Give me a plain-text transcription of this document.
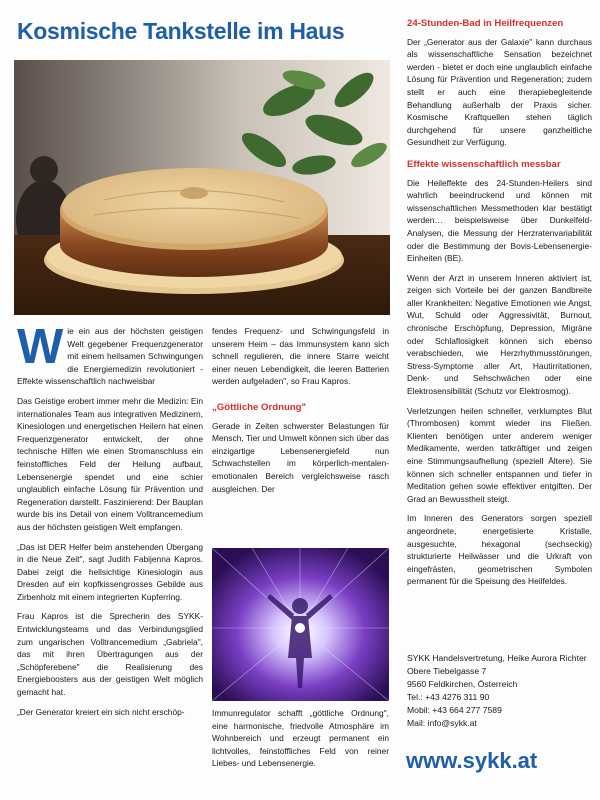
Kosmische Tankstelle im Haus

W ie ein aus der höchsten geistigen Welt gegebener Frequenzgenerator mit einem heilsamen Schwingungen die Energiemedizin revolutioniert - Effekte wissenschaftlich nachweisbar

Das Geistige erobert immer mehr die Medizin: Ein internationales Team aus integrativen Medizinern, Kinesiologen und energetischen Heilern hat einen Frequenzgenerator entwickelt, der ohne technische Hilfen wie einen Stromanschluss ein feinstoffliches Feld der Heilung aufbaut, Lebensenergie spendet und eine schier unglaublich einfache Lösung für Prävention und Regeneration darstellt. Faszinierend: Der Bauplan wurde bis ins Detail von einem Volltrancemedium aus der höchsten geistigen Welt empfangen.

„Das ist DER Helfer beim anstehenden Übergang in die Neue Zeit", sagt Judith Fabijenna Kapros. Dabei zeigt die hellsichtige Kinesiologin aus Dresden auf ein kopfkissengrosses Gebilde aus Zirbenholz mit einem integrierten Kupferring.

Frau Kapros ist die Sprecherin des SYKK- Entwicklungsteams und das Verbindungsglied zum ungarischen Volltrancemedium „Gabriela", das mit ihren Übertragungen aus der „Schöpferebene" die Realisierung des Energieboosters aus der geistigen Welt möglich gemacht hat.

„Der Generator kreiert ein sich nicht erschöp-

fendes Frequenz- und Schwingungsfeld in unserem Heim – das Immunsystem kann sich schnell regulieren, die innere Starre weicht einer neuen Lebendigkeit, die leeren Batterien werden aufgeladen", so Frau Kapros.

„Göttliche Ordnung"

Gerade in Zeiten schwerster Belastungen für Mensch, Tier und Umwelt können sich über das einzigartige Lebensenergiefeld nun Schwachstellen im körperlich-mentalen-emotionalen Bereich vergleichsweise rasch ausgleichen. Der

Immunregulator schafft „göttliche Ordnung", eine harmonische, friedvolle Atmosphäre im Wohnbereich und erzeugt permanent ein lichtvolles, feinstoffliches Feld von reiner Liebes- und Lebensenergie.

24-Stunden-Bad in Heilfrequenzen

Der „Generator aus der Galaxie" kann durchaus als wissenschaftliche Sensation bezeichnet werden - bietet er doch eine unglaublich einfache Lösung für Prävention und Regeneration; zudem stellt er auch eine therapiebegleitende Behandlung außerhalb der Praxis sicher. Kosmische Kraftquellen stehen täglich durchgehend für unsere ganzheitliche Gesundheit zur Verfügung.

Effekte wissenschaftlich messbar

Die Heileffekte des 24-Stunden-Heilers sind wahrlich beeindruckend und können mit wissenschaftlichen Messmethoden klar bestätigt werden… beispielsweise über Dunkelfeld-Analysen, die Messung der Herzratenvariabilität oder die Bestimmung der Bovis-Lebensenergie-Einheiten (BE).

Wenn der Arzt in unserem Inneren aktiviert ist, zeigen sich Vorteile bei der ganzen Bandbreite aller Krankheiten: Negative Emotionen wie Angst, Wut, Schuld oder Aggressivität, Burnout, chronische Erschöpfung, Depression, Migräne oder Schlaflosigkeit können sich ebenso verabschieden, wie Herzrhythmusstörungen, Stress-Symptome aller Art, Hautirritationen, Denk- und Sehschwächen oder eine Elektrosensibilität (Schutz vor Elektrosmog).

Verletzungen heilen schneller, verklumptes Blut (Thrombosen) kommt wieder ins Fließen. Klienten benötigen unter anderem weniger Medikamente, werden tatkräftiger und zeigen eine Stimmungsaufhellung (speziell Ältere). Sie können sich schneller entspannen und tiefer in Meditation gehen sowie effektiver entgiften. Der Grad an Bewusstheit steigt.

Im Inneren des Generators sorgen speziell angeordnete, energetisierte Kristalle, ausgesuchte, hexagonal (sechseckig) strukturierte Heilwässer und die Urkraft von eingefrästen, geometrischen Symbolen permanent für die Speisung des Heilfeldes.

SYKK Handelsvertretung, Heike Aurora Richter
Obere Tiebelgasse 7
9560 Feldkirchen, Österreich
Tel.: +43 4276 311 90
Mobil: +43 664 277 7589
Mail: info@sykk.at
www.sykk.at
